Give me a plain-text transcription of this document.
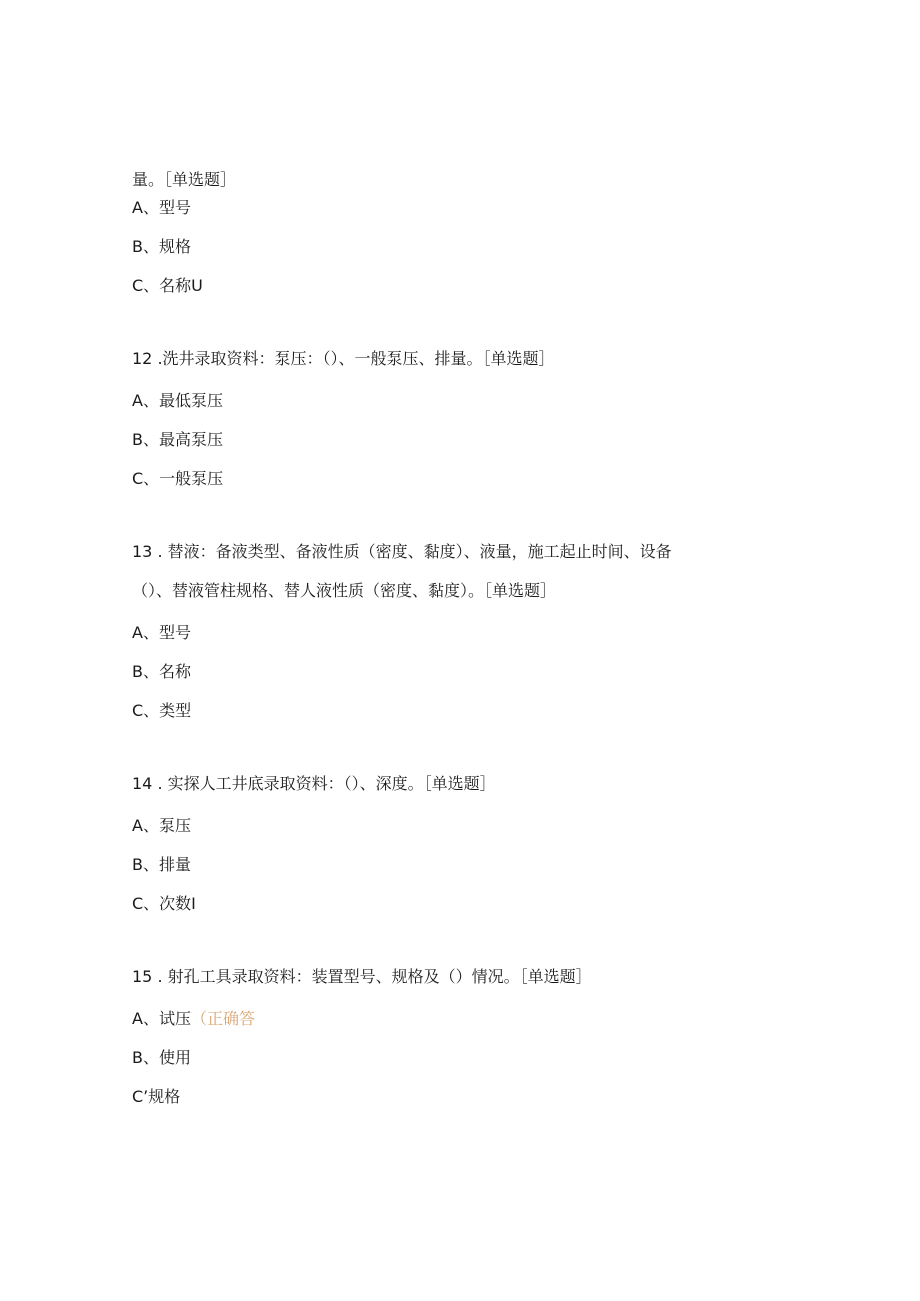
量。［单选题］

A、型号

B、规格

C、名称U

12 .洗井录取资料：泵压：（）、一般泵压、排量。［单选题］

A、最低泵压

B、最高泵压

C、一般泵压

13 . 替液：备液类型、备液性质（密度、黏度）、液量，施工起止时间、设备

（）、替液管柱规格、替人液性质（密度、黏度）。［单选题］

A、型号

B、名称

C、类型

14 . 实探人工井底录取资料：（）、深度。［单选题］

A、泵压

B、排量

C、次数I

15 . 射孔工具录取资料：装置型号、规格及（）情况。［单选题］

A、试压（正确答

B、使用

C’规格
